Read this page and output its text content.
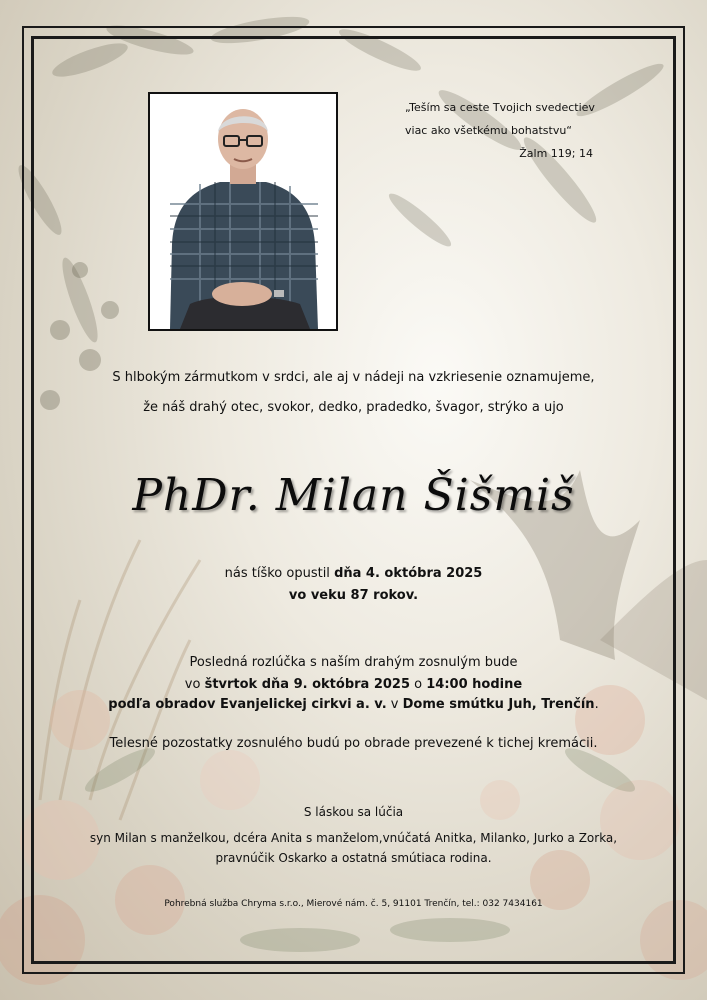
„Teším sa ceste Tvojich svedectiev
viac ako všetkému bohatstvu“
Žalm 119; 14
S hlbokým zármutkom v srdci, ale aj v nádeji na vzkriesenie oznamujeme,
že náš drahý otec, svokor, dedko, pradedko, švagor, strýko a ujo
PhDr. Milan Šišmiš
nás tíško opustil dňa 4. októbra 2025
vo veku 87 rokov.
Posledná rozlúčka s naším drahým zosnulým bude
vo štvrtok dňa 9. októbra 2025 o 14:00 hodine
podľa obradov Evanjelickej cirkvi a. v. v Dome smútku Juh, Trenčín.
Telesné pozostatky zosnulého budú po obrade prevezené k tichej kremácii.
S láskou sa lúčia
syn Milan s manželkou, dcéra Anita s manželom,vnúčatá Anitka, Milanko, Jurko a Zorka,
pravnúčik Oskarko a ostatná smútiaca rodina.
Pohrebná služba Chryma s.r.o., Mierové nám. č. 5, 91101 Trenčín, tel.: 032 7434161
